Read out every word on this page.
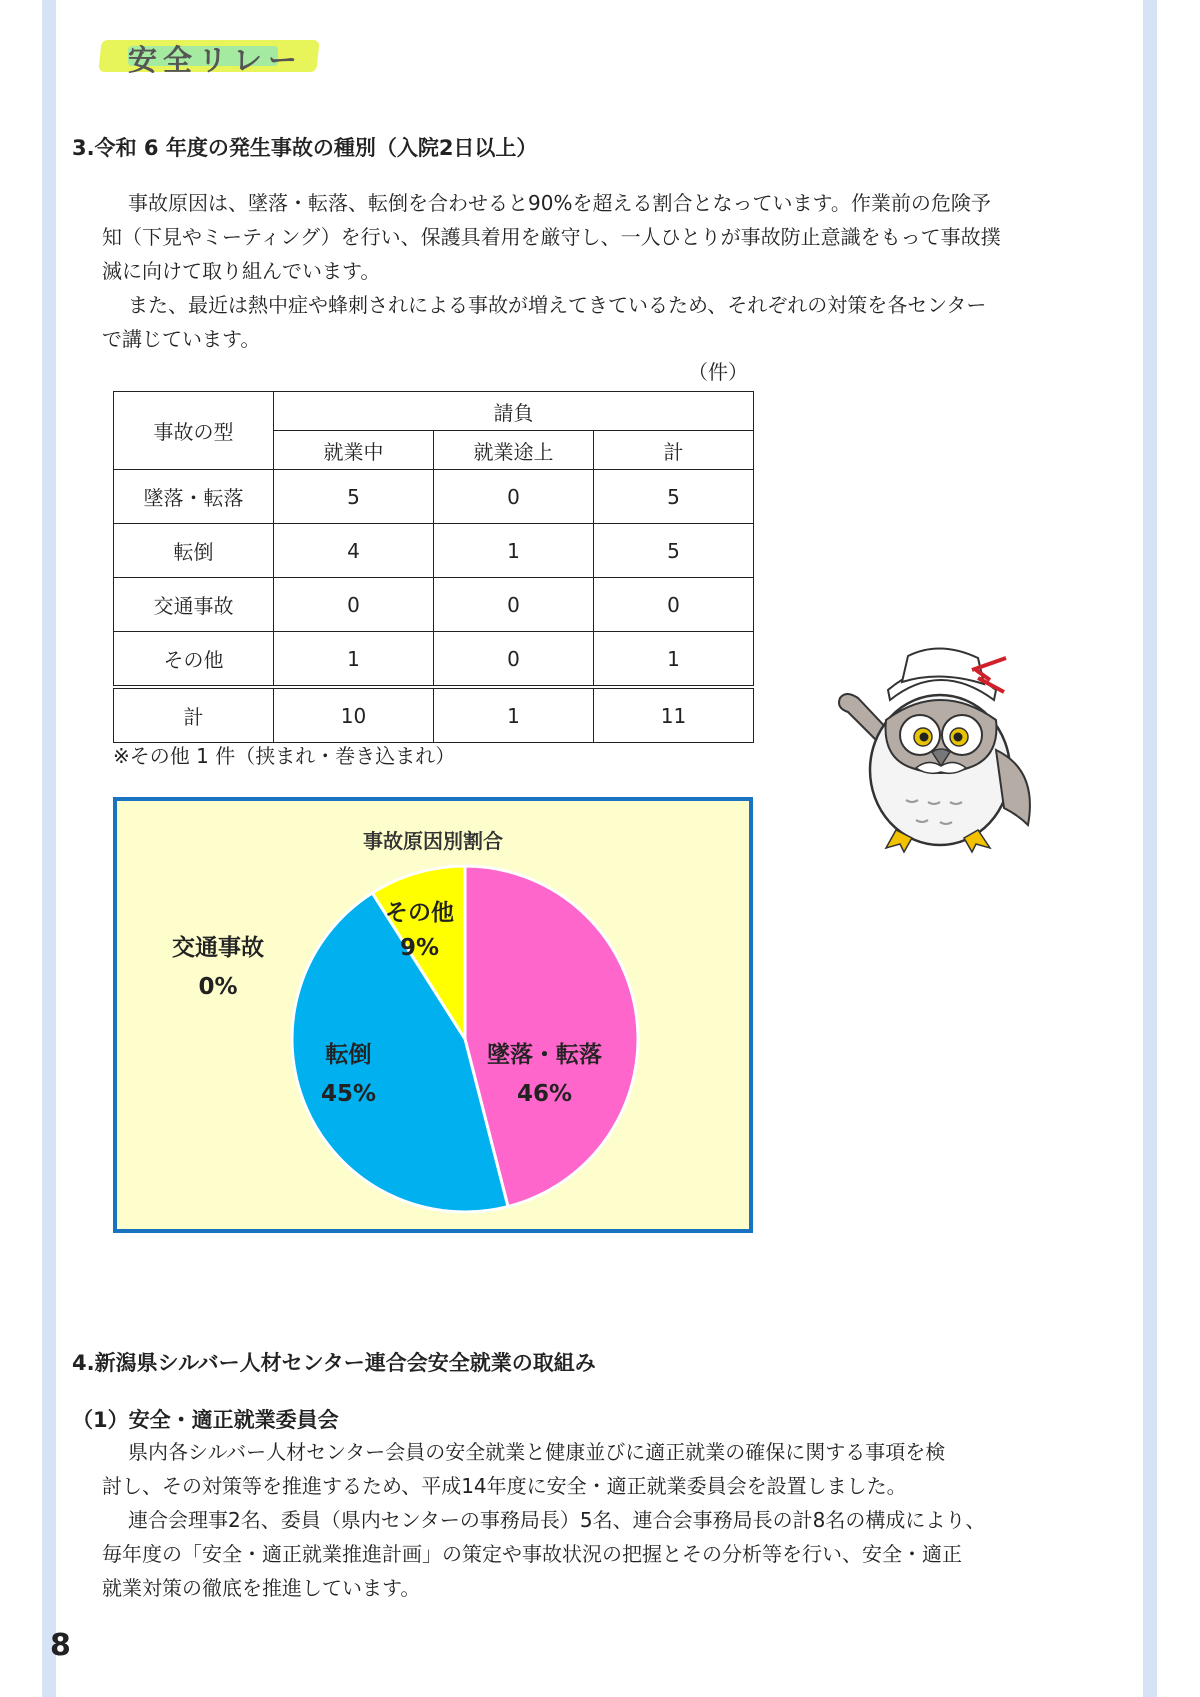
安全リレー
3.令和 6 年度の発生事故の種別（入院2日以上）
事故原因は、墜落・転落、転倒を合わせると90%を超える割合となっています。作業前の危険予
知（下見やミーティング）を行い、保護具着用を厳守し、一人ひとりが事故防止意識をもって事故撲
滅に向けて取り組んでいます。
また、最近は熱中症や蜂刺されによる事故が増えてきているため、それぞれの対策を各センター
で講じています。
（件）
事故の型	請負		
	就業中	就業途上	計
墜落・転落	5	0	5
転倒	4	1	5
交通事故	0	0	0
その他	1	0	1
計	10	1	11
※その他 1 件（挟まれ・巻き込まれ）
事故原因別割合
墜落・転落
46%
転倒
45%
交通事故
0%
その他
9%
4.新潟県シルバー人材センター連合会安全就業の取組み
（1）安全・適正就業委員会
県内各シルバー人材センター会員の安全就業と健康並びに適正就業の確保に関する事項を検
討し、その対策等を推進するため、平成14年度に安全・適正就業委員会を設置しました。
連合会理事2名、委員（県内センターの事務局長）5名、連合会事務局長の計8名の構成により、
毎年度の「安全・適正就業推進計画」の策定や事故状況の把握とその分析等を行い、安全・適正
就業対策の徹底を推進しています。
8
